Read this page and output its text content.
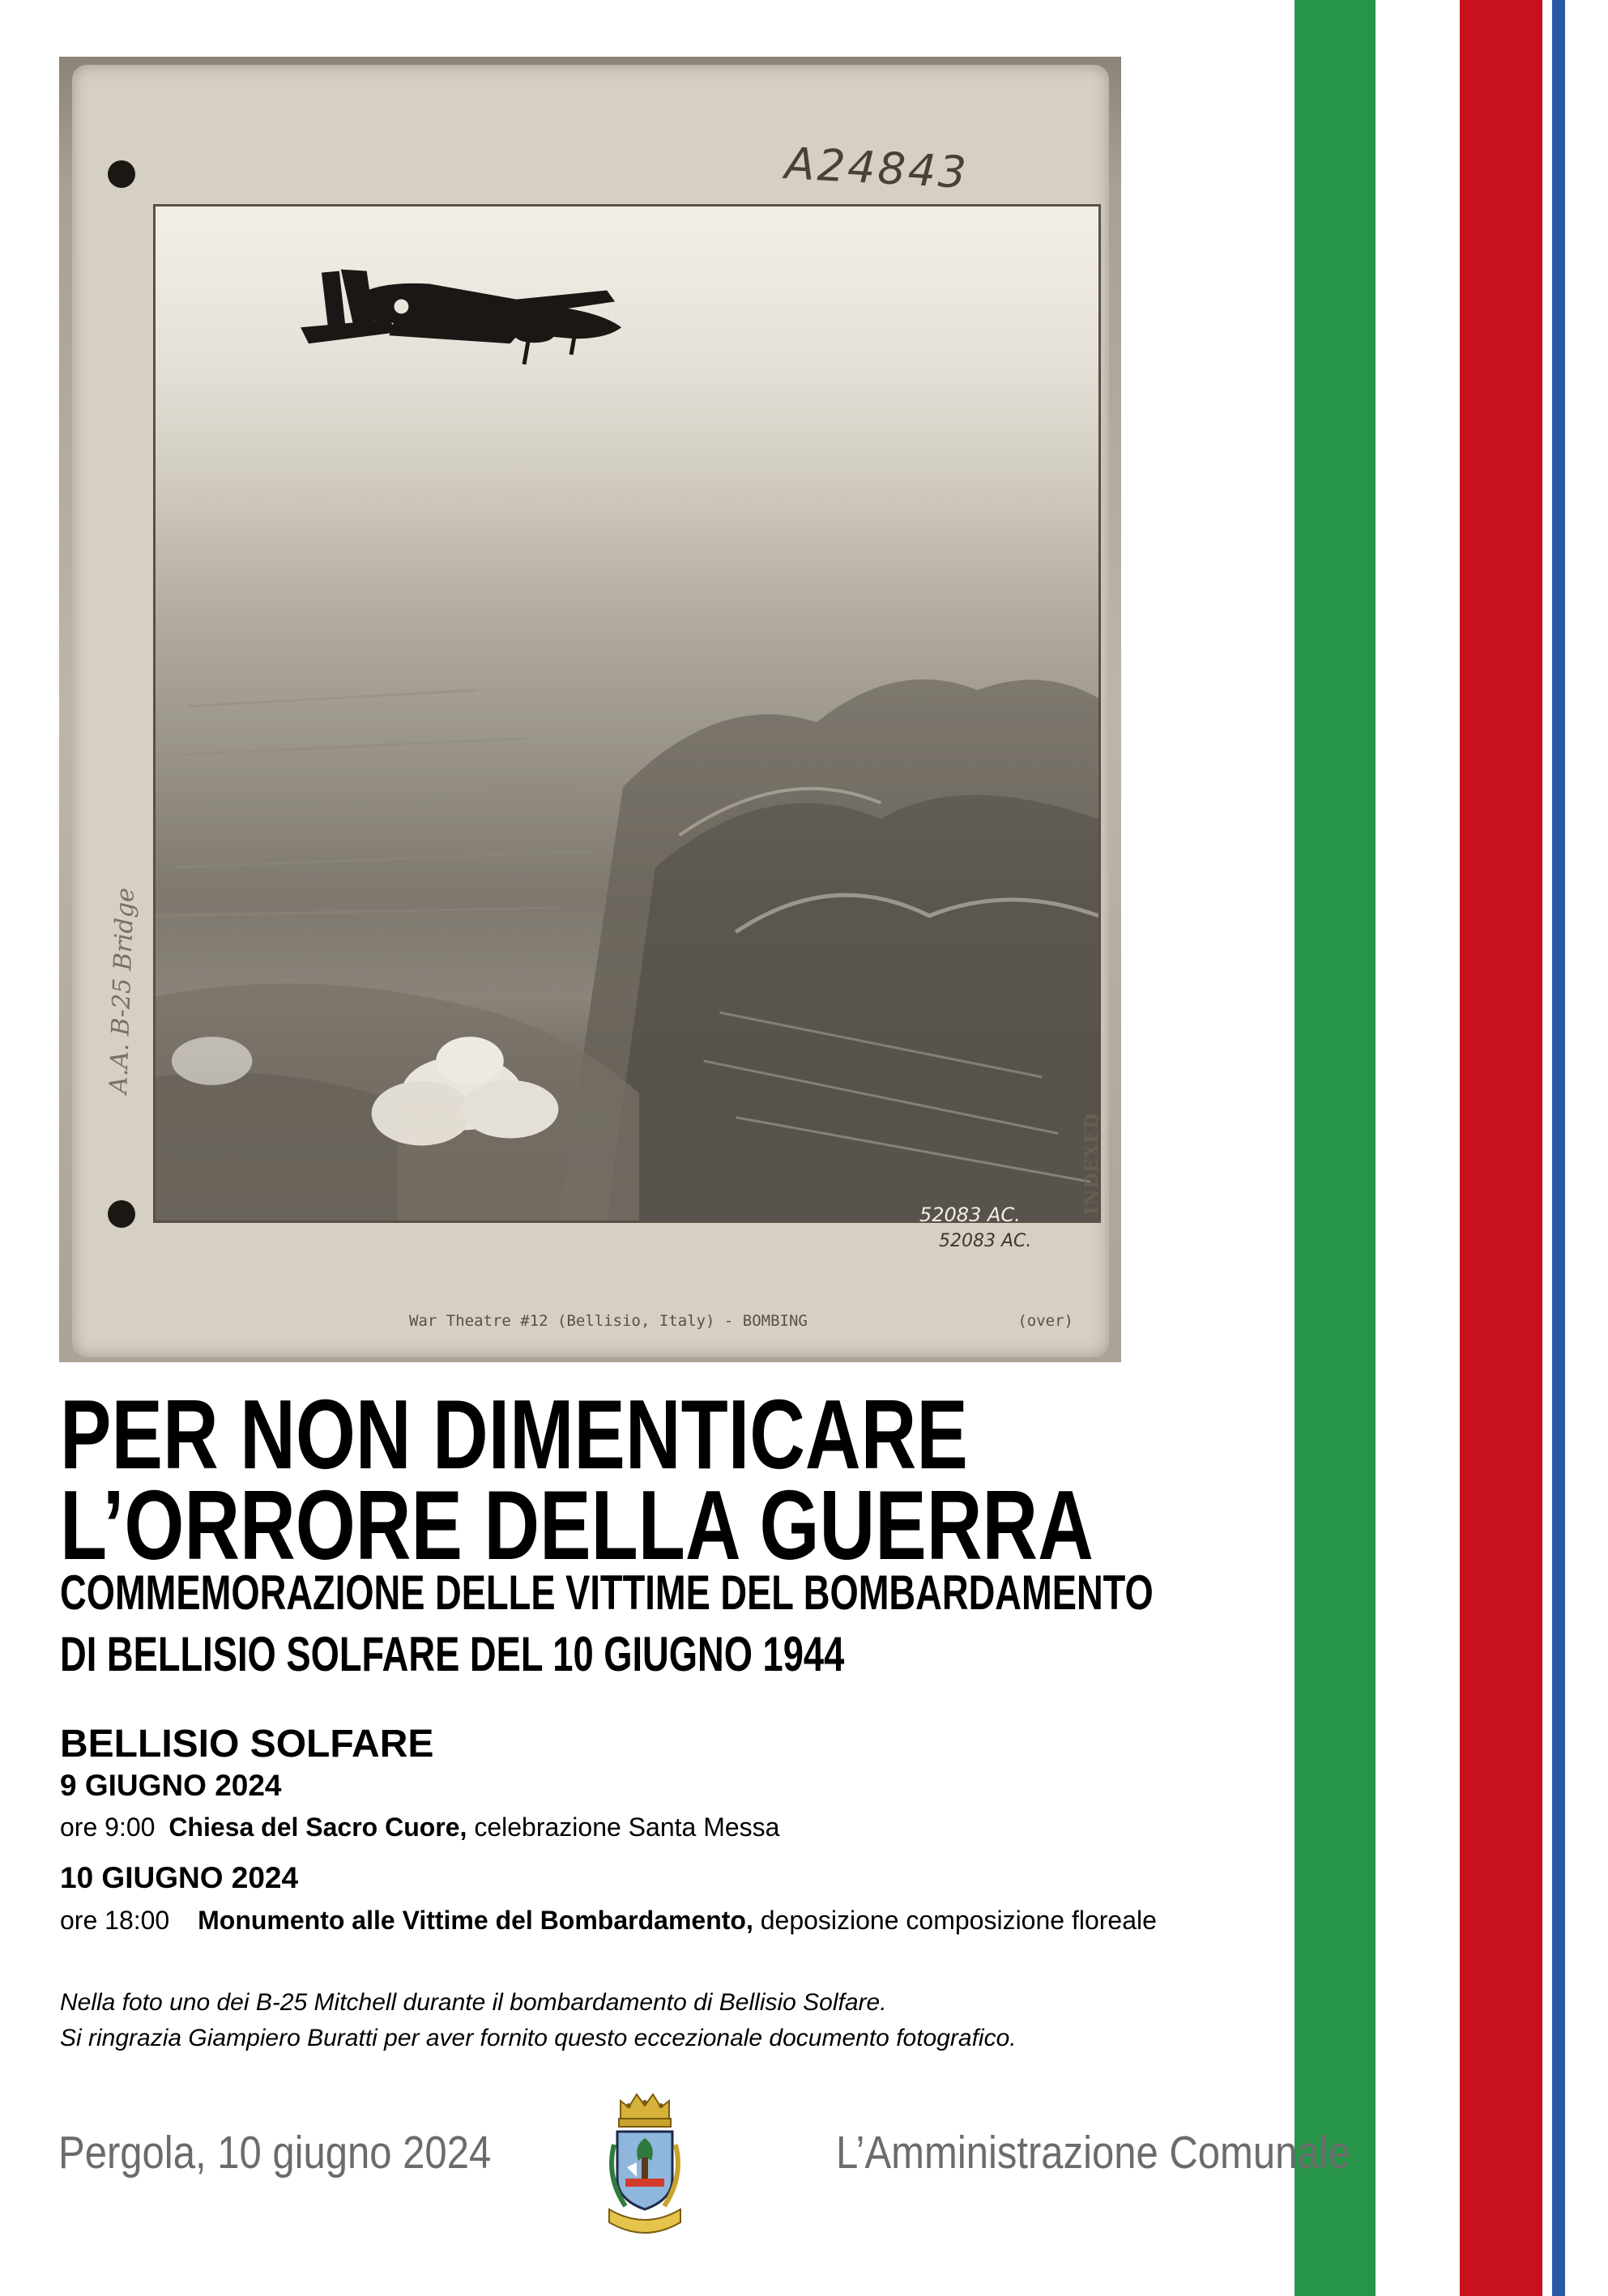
A24843
A.A. B-25 Bridge
INDEXED
52083 AC.
52083 AC.
War Theatre #12 (Bellisio, Italy) - BOMBING	(over)
PER NON DIMENTICARE
L’ORRORE DELLA GUERRA
COMMEMORAZIONE DELLE VITTIME DEL BOMBARDAMENTO
DI BELLISIO SOLFARE DEL 10 GIUGNO 1944
BELLISIO SOLFARE
9 GIUGNO 2024
ore 9:00 Chiesa del Sacro Cuore, celebrazione Santa Messa
10 GIUGNO 2024
ore 18:00 Monumento alle Vittime del Bombardamento, deposizione composizione floreale

Nella foto uno dei B-25 Mitchell durante il bombardamento di Bellisio Solfare.

Si ringrazia Giampiero Buratti per aver fornito questo eccezionale documento fotografico.

Pergola, 10 giugno 2024	L’Amministrazione Comunale
